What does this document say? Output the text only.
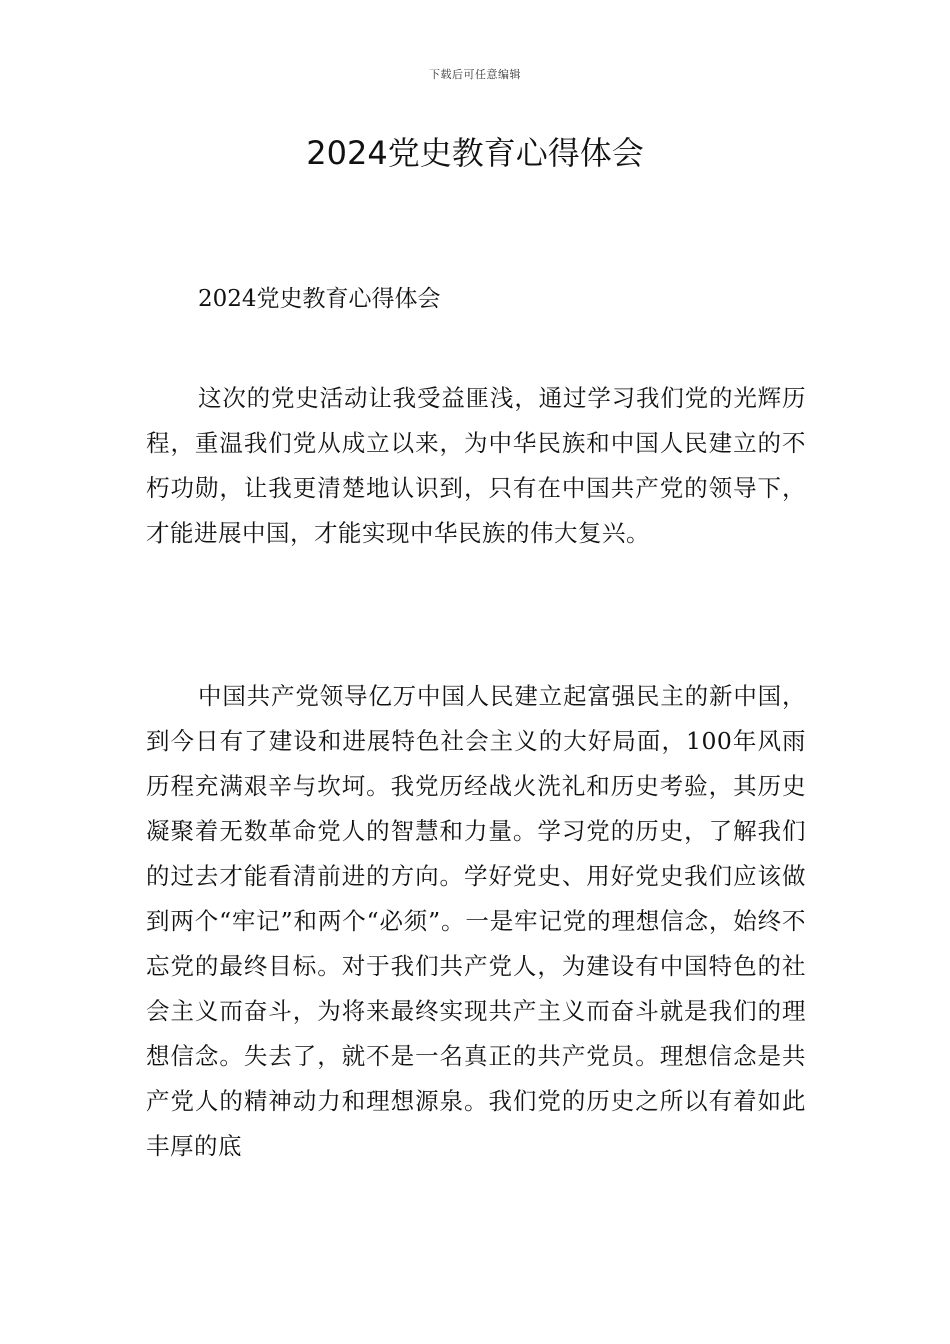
下载后可任意编辑
2024党史教育心得体会

2024党史教育心得体会

这次的党史活动让我受益匪浅，通过学习我们党的光辉历程，重温我们党从成立以来，为中华民族和中国人民建立的不朽功勋，让我更清楚地认识到，只有在中国共产党的领导下，才能进展中国，才能实现中华民族的伟大复兴。

中国共产党领导亿万中国人民建立起富强民主的新中国，到今日有了建设和进展特色社会主义的大好局面，100年风雨历程充满艰辛与坎坷。我党历经战火洗礼和历史考验，其历史凝聚着无数革命党人的智慧和力量。学习党的历史，了解我们的过去才能看清前进的方向。学好党史、用好党史我们应该做到两个“牢记”和两个“必须”。一是牢记党的理想信念，始终不忘党的最终目标。对于我们共产党人，为建设有中国特色的社会主义而奋斗，为将来最终实现共产主义而奋斗就是我们的理想信念。失去了，就不是一名真正的共产党员。理想信念是共产党人的精神动力和理想源泉。我们党的历史之所以有着如此丰厚的底
